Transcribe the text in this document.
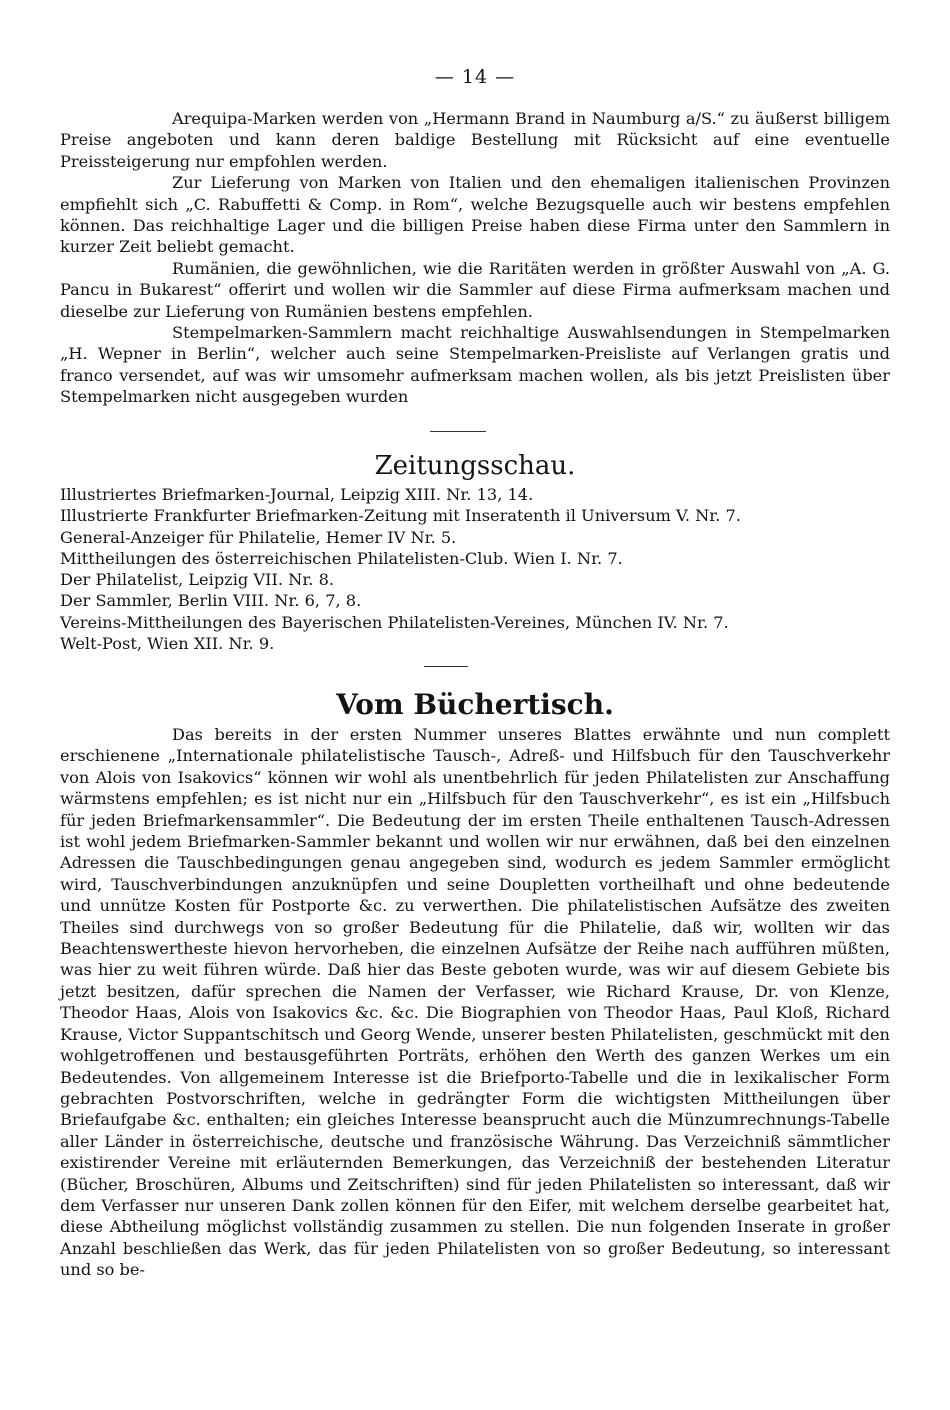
— 14 —

Arequipa-Marken werden von „Hermann Brand in Naumburg a/S.“ zu äußerst billigem Preise angeboten und kann deren baldige Bestellung mit Rücksicht auf eine eventuelle Preissteigerung nur empfohlen werden.

Zur Lieferung von Marken von Italien und den ehemaligen italienischen Provinzen empfiehlt sich „C. Rabuffetti & Comp. in Rom“, welche Bezugsquelle auch wir bestens empfehlen können. Das reichhaltige Lager und die billigen Preise haben diese Firma unter den Sammlern in kurzer Zeit beliebt gemacht.

Rumänien, die gewöhnlichen, wie die Raritäten werden in größter Auswahl von „A. G. Pancu in Bukarest“ offerirt und wollen wir die Sammler auf diese Firma aufmerksam machen und dieselbe zur Lieferung von Rumänien bestens empfehlen.

Stempelmarken-Sammlern macht reichhaltige Auswahlsendungen in Stempelmarken „H. Wepner in Berlin“, welcher auch seine Stempelmarken-Preisliste auf Verlangen gratis und franco versendet, auf was wir umsomehr aufmerksam machen wollen, als bis jetzt Preislisten über Stempelmarken nicht ausgegeben wurden

Zeitungsschau.
Illustriertes Briefmarken-Journal, Leipzig XIII. Nr. 13, 14.
Illustrierte Frankfurter Briefmarken-Zeitung mit Inseratenth il Universum V. Nr. 7.
General-Anzeiger für Philatelie, Hemer IV Nr. 5.
Mittheilungen des österreichischen Philatelisten-Club. Wien I. Nr. 7.
Der Philatelist, Leipzig VII. Nr. 8.
Der Sammler, Berlin VIII. Nr. 6, 7, 8.
Vereins-Mittheilungen des Bayerischen Philatelisten-Vereines, München IV. Nr. 7.
Welt-Post, Wien XII. Nr. 9.
Vom Büchertisch.

Das bereits in der ersten Nummer unseres Blattes erwähnte und nun complett erschienene „Internationale philatelistische Tausch-, Adreß- und Hilfsbuch für den Tauschverkehr von Alois von Isakovics“ können wir wohl als unentbehrlich für jeden Philatelisten zur Anschaffung wärmstens empfehlen; es ist nicht nur ein „Hilfsbuch für den Tauschverkehr“, es ist ein „Hilfsbuch für jeden Briefmarkensammler“. Die Bedeutung der im ersten Theile enthaltenen Tausch-Adressen ist wohl jedem Briefmarken-Sammler bekannt und wollen wir nur erwähnen, daß bei den einzelnen Adressen die Tauschbedingungen genau angegeben sind, wodurch es jedem Sammler ermöglicht wird, Tauschverbindungen anzuknüpfen und seine Doupletten vortheilhaft und ohne bedeutende und unnütze Kosten für Postporte &c. zu verwerthen. Die philatelistischen Aufsätze des zweiten Theiles sind durchwegs von so großer Bedeutung für die Philatelie, daß wir, wollten wir das Beachtenswertheste hievon hervorheben, die einzelnen Aufsätze der Reihe nach aufführen müßten, was hier zu weit führen würde. Daß hier das Beste geboten wurde, was wir auf diesem Gebiete bis jetzt besitzen, dafür sprechen die Namen der Verfasser, wie Richard Krause, Dr. von Klenze, Theodor Haas, Alois von Isakovics &c. &c. Die Biographien von Theodor Haas, Paul Kloß, Richard Krause, Victor Suppantschitsch und Georg Wende, unserer besten Philatelisten, geschmückt mit den wohlgetroffenen und bestausgeführten Porträts, erhöhen den Werth des ganzen Werkes um ein Bedeutendes. Von allgemeinem Interesse ist die Briefporto-Tabelle und die in lexikalischer Form gebrachten Postvorschriften, welche in gedrängter Form die wichtigsten Mittheilungen über Briefaufgabe &c. enthalten; ein gleiches Interesse beansprucht auch die Münzumrechnungs-Tabelle aller Länder in österreichische, deutsche und französische Währung. Das Verzeichniß sämmtlicher existirender Vereine mit erläuternden Bemerkungen, das Verzeichniß der bestehenden Literatur (Bücher, Broschüren, Albums und Zeitschriften) sind für jeden Philatelisten so interessant, daß wir dem Verfasser nur unseren Dank zollen können für den Eifer, mit welchem derselbe gearbeitet hat, diese Abtheilung möglichst vollständig zusammen zu stellen. Die nun folgenden Inserate in großer Anzahl beschließen das Werk, das für jeden Philatelisten von so großer Bedeutung, so interessant und so be-
